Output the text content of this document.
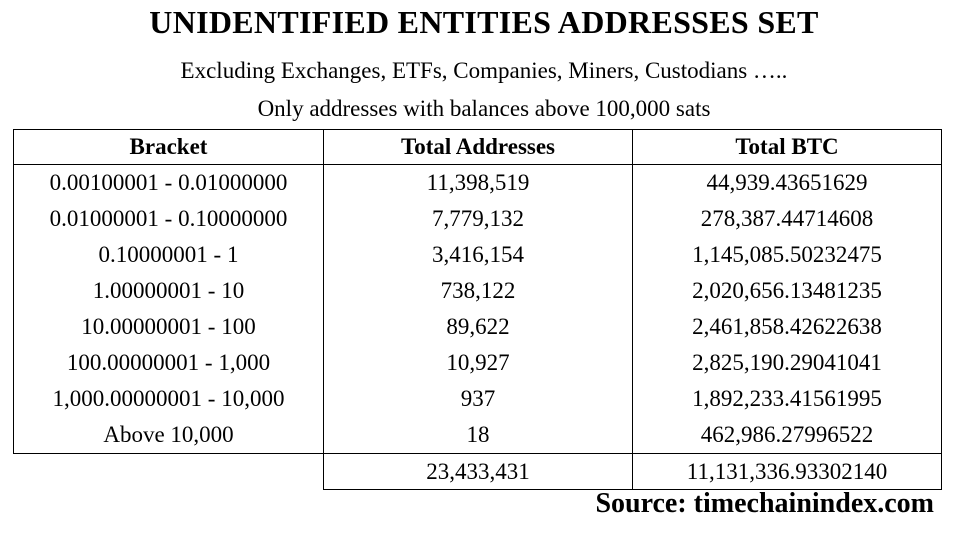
UNIDENTIFIED ENTITIES ADDRESSES SET
Excluding Exchanges, ETFs, Companies, Miners, Custodians …..
Only addresses with balances above 100,000 sats
Bracket	Total Addresses	Total BTC
0.00100001 - 0.01000000	11,398,519	44,939.43651629
0.01000001 - 0.10000000	7,779,132	278,387.44714608
0.10000001 - 1	3,416,154	1,145,085.50232475
1.00000001 - 10	738,122	2,020,656.13481235
10.00000001 - 100	89,622	2,461,858.42622638
100.00000001 - 1,000	10,927	2,825,190.29041041
1,000.00000001 - 10,000	937	1,892,233.41561995
Above 10,000	18	462,986.27996522
	23,433,431	11,131,336.93302140
Source: timechainindex.com
